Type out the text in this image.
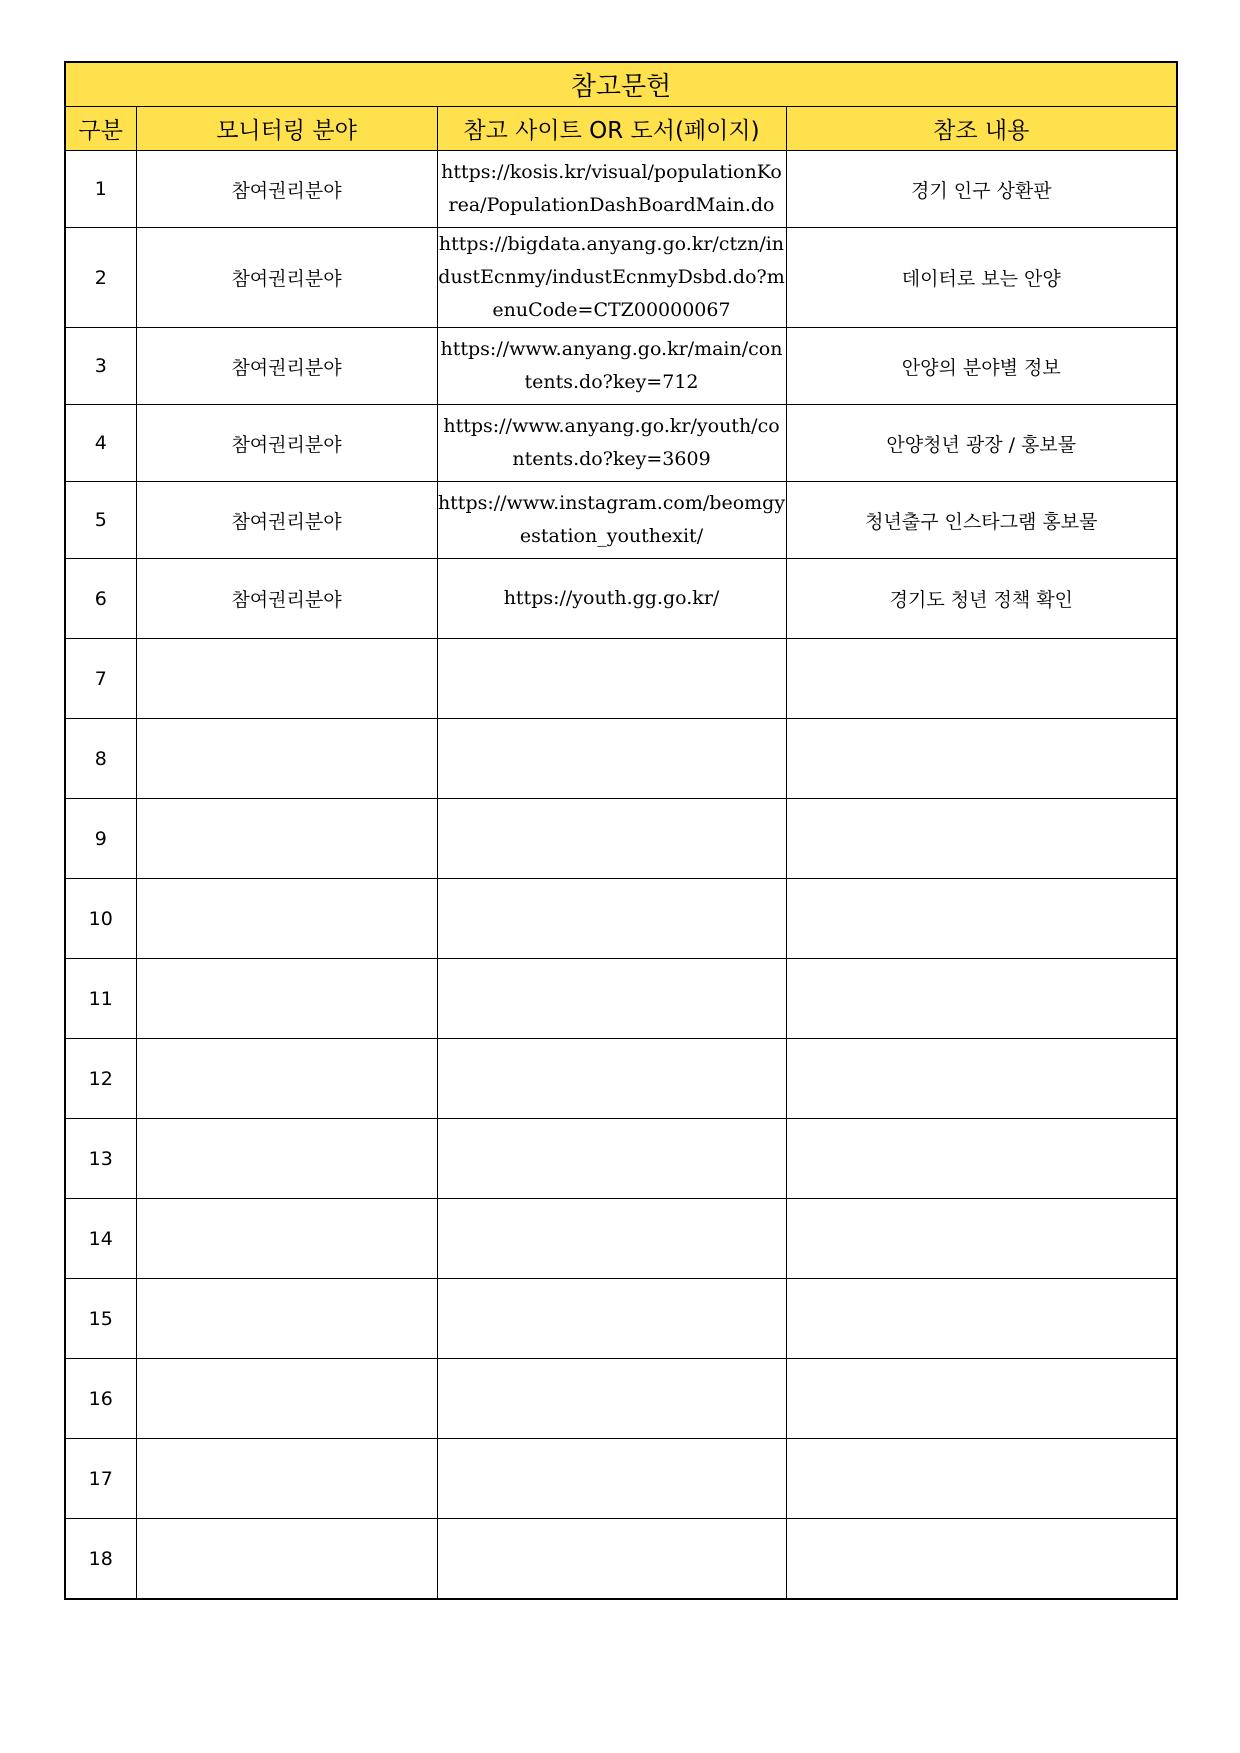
참고문헌			
구분	모니터링 분야	참고 사이트 OR 도서(페이지)	참조 내용
1	참여권리분야	https://kosis.kr/visual/populationKorea/PopulationDashBoardMain.do	경기 인구 상환판
2	참여권리분야	https://bigdata.anyang.go.kr/ctzn/industEcnmy/industEcnmyDsbd.do?menuCode=CTZ00000067	데이터로 보는 안양
3	참여권리분야	https://www.anyang.go.kr/main/contents.do?key=712	안양의 분야별 정보
4	참여권리분야	https://www.anyang.go.kr/youth/contents.do?key=3609	안양청년 광장 / 홍보물
5	참여권리분야	https://www.instagram.com/beomgyestation_youthexit/	청년출구 인스타그램 홍보물
6	참여권리분야	https://youth.gg.go.kr/	경기도 청년 정책 확인
7			
8			
9			
10			
11			
12			
13			
14			
15			
16			
17			
18			
